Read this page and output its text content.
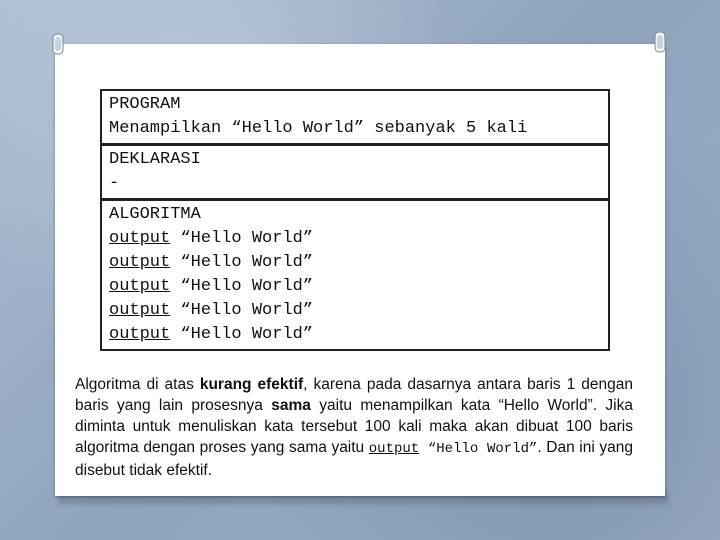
PROGRAM
Menampilkan “Hello World” sebanyak 5 kali
DEKLARASI
-
ALGORITMA
output “Hello World”
output “Hello World”
output “Hello World”
output “Hello World”
output “Hello World”
Algoritma di atas kurang efektif, karena pada dasarnya antara baris 1 dengan baris yang lain prosesnya sama yaitu menampilkan kata “Hello World”. Jika diminta untuk menuliskan kata tersebut 100 kali maka akan dibuat 100 baris algoritma dengan proses yang sama yaitu output “Hello World”. Dan ini yang disebut tidak efektif.
